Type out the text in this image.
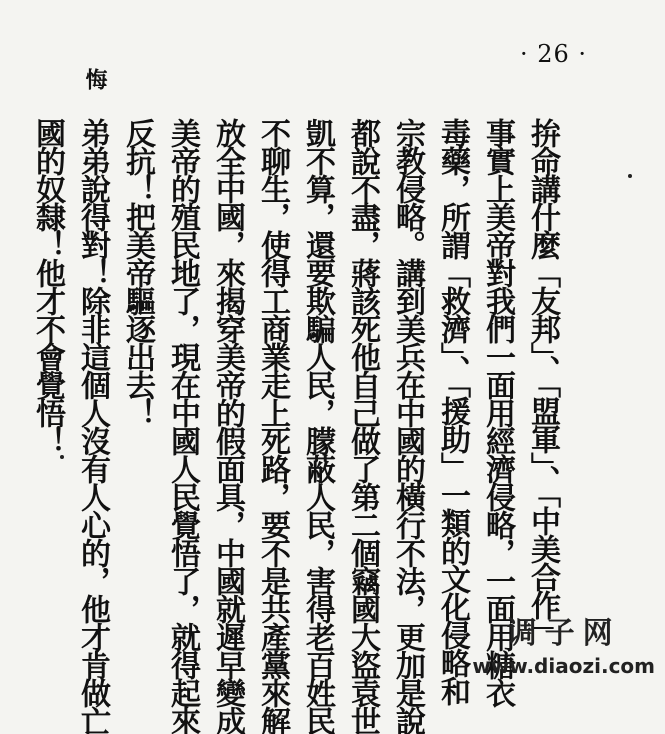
· 26 ·
悔
拚命講什麼「友邦」、「盟軍」、「中美合作」
事實上美帝對我們一面用經濟侵略，一面用糖衣
毒藥，所謂「救濟」、「援助」一類的文化侵略和
宗教侵略。講到美兵在中國的橫行不法，更加是說
都說不盡，蔣該死他自己做了第二個竊國大盜袁世
凱不算，還要欺騙人民，朦蔽人民，害得老百姓民
不聊生，使得工商業走上死路，要不是共產黨來解
放全中國，來揭穿美帝的假面具，中國就遲早變成
美帝的殖民地了，現在中國人民覺悟了，就得起來
反抗！把美帝驅逐出去！
弟弟說得對！除非這個人沒有人心的，他才肯做亡
國的奴隸！他才不會覺悟！
调子网
www.diaozi.com
